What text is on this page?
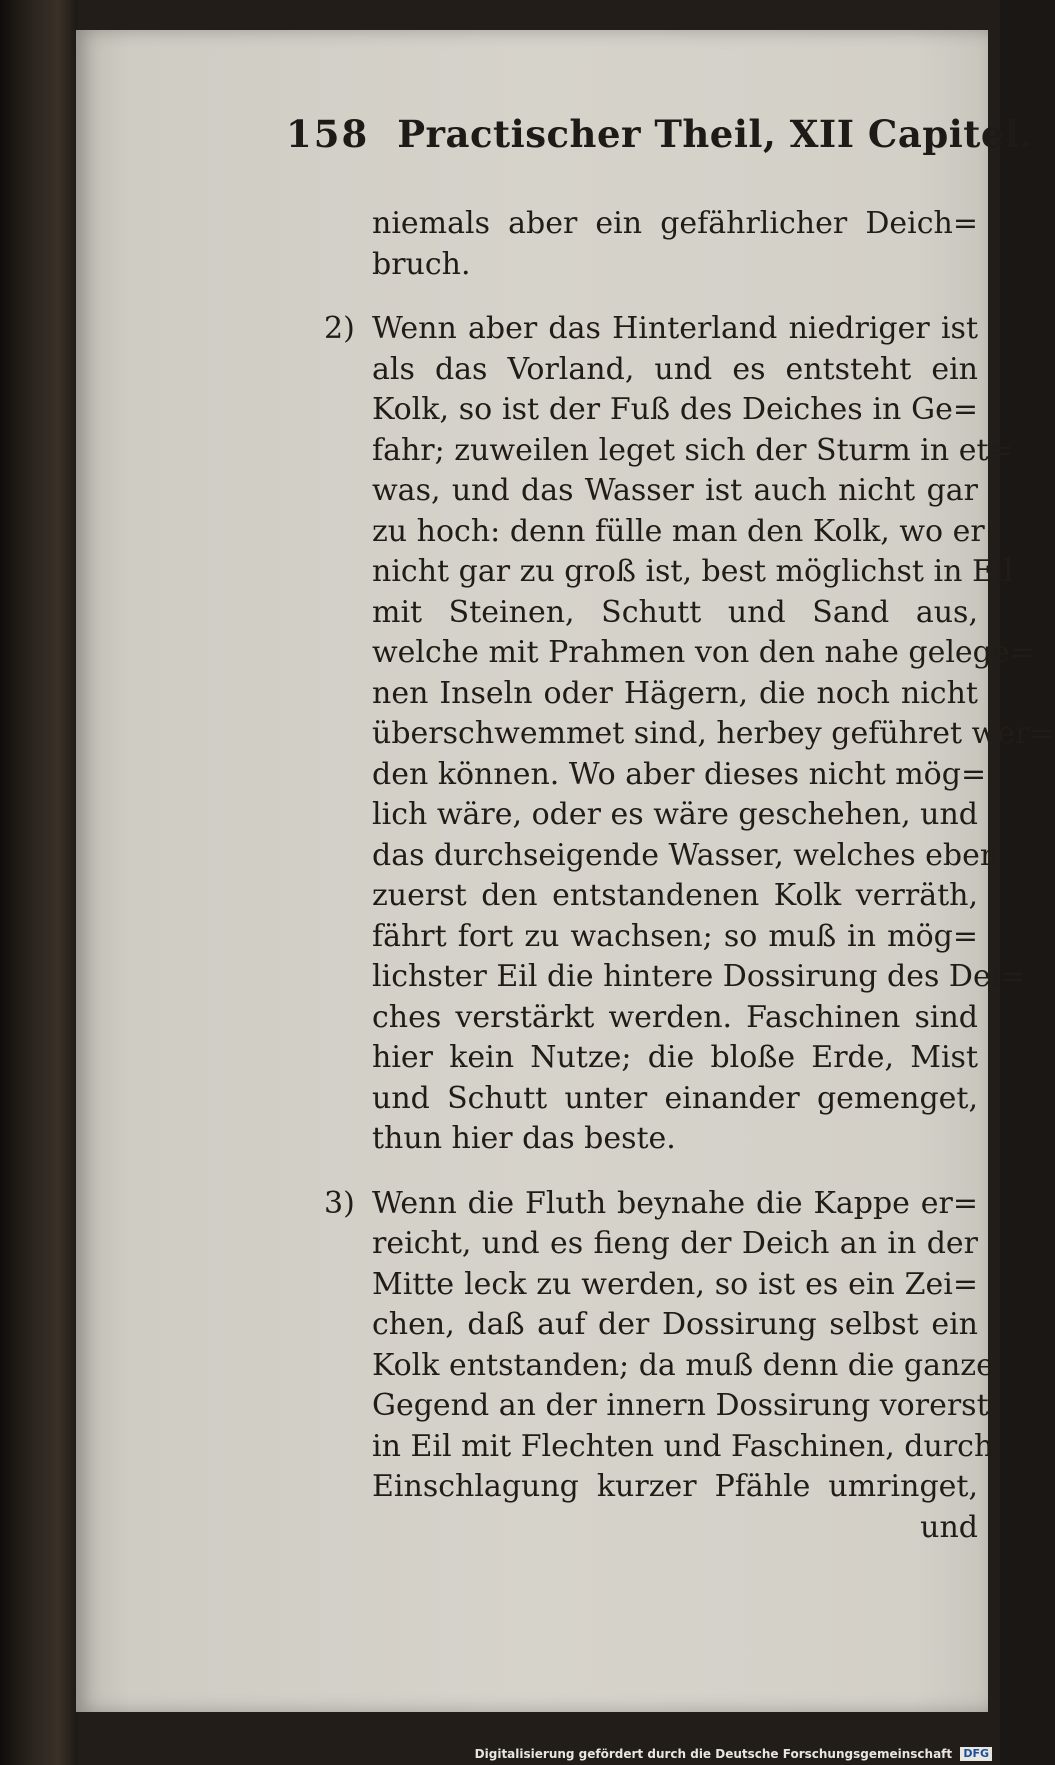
158 Practischer Theil, XII Capitel.
niemals aber ein gefährlicher Deich=
bruch.
2) Wenn aber das Hinterland niedriger ist
als das Vorland, und es entsteht ein
Kolk, so ist der Fuß des Deiches in Ge=
fahr; zuweilen leget sich der Sturm in et=
was, und das Wasser ist auch nicht gar
zu hoch: denn fülle man den Kolk, wo er
nicht gar zu groß ist, best möglichst in Eil
mit Steinen, Schutt und Sand aus,
welche mit Prahmen von den nahe gelege=
nen Inseln oder Hägern, die noch nicht
überschwemmet sind, herbey geführet wer=
den können. Wo aber dieses nicht mög=
lich wäre, oder es wäre geschehen, und
das durchseigende Wasser, welches eben
zuerst den entstandenen Kolk verräth,
fährt fort zu wachsen; so muß in mög=
lichster Eil die hintere Dossirung des Dei=
ches verstärkt werden. Faschinen sind
hier kein Nutze; die bloße Erde, Mist
und Schutt unter einander gemenget,
thun hier das beste.
3) Wenn die Fluth beynahe die Kappe er=
reicht, und es fieng der Deich an in der
Mitte leck zu werden, so ist es ein Zei=
chen, daß auf der Dossirung selbst ein
Kolk entstanden; da muß denn die ganze
Gegend an der innern Dossirung vorerst
in Eil mit Flechten und Faschinen, durch
Einschlagung kurzer Pfähle umringet,
und
Digitalisierung gefördert durch die Deutsche Forschungsgemeinschaft DFG
